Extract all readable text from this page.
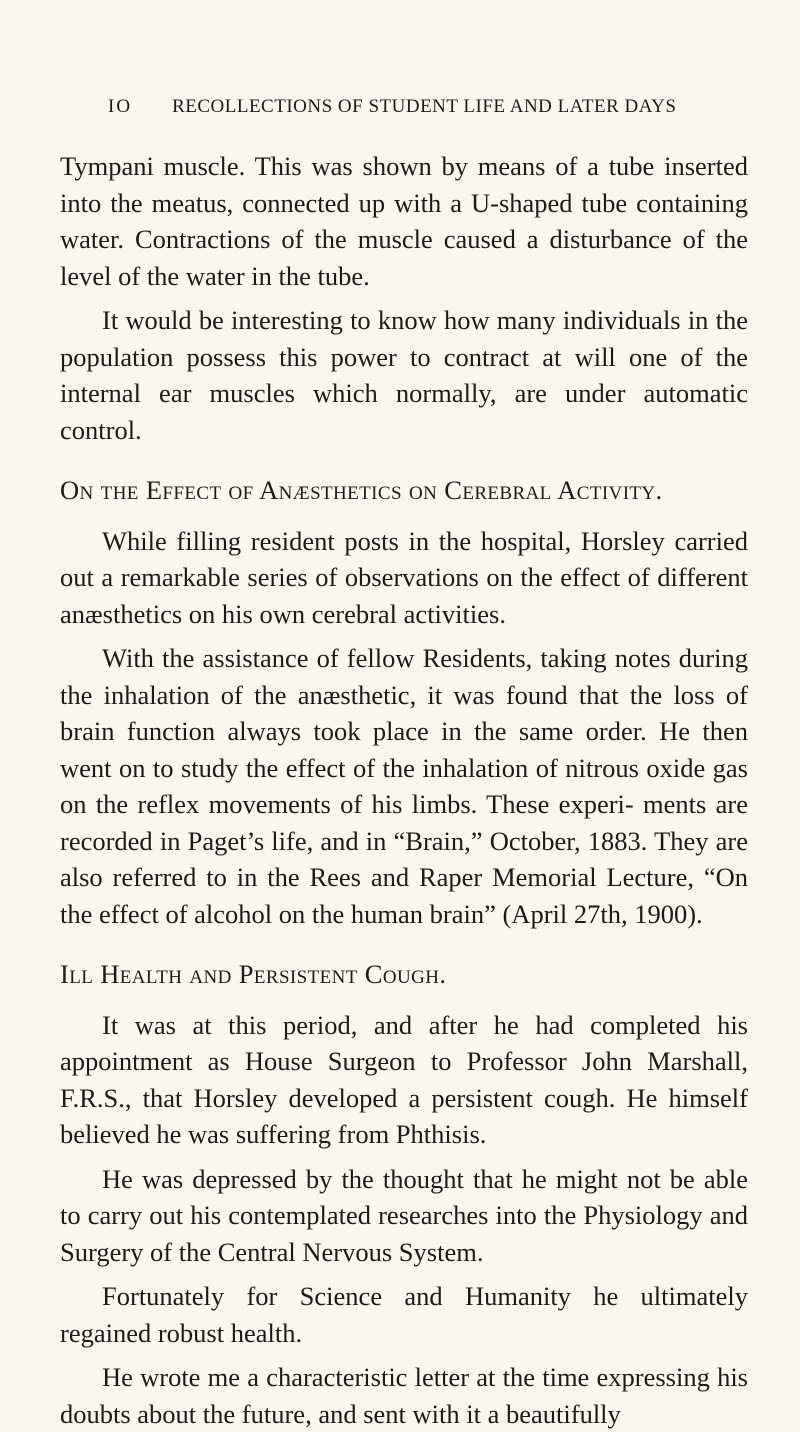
IO RECOLLECTIONS OF STUDENT LIFE AND LATER DAYS

Tympani muscle. This was shown by means of a tube inserted into the meatus, connected up with a U-shaped tube containing water. Contractions of the muscle caused a disturbance of the level of the water in the tube.

It would be interesting to know how many individuals in the population possess this power to contract at will one of the internal ear muscles which normally, are under automatic control.

On the Effect of Anæsthetics on Cerebral Activity.

While filling resident posts in the hospital, Horsley carried out a remarkable series of observations on the effect of different anæsthetics on his own cerebral activities.

With the assistance of fellow Residents, taking notes during the inhalation of the anæsthetic, it was found that the loss of brain function always took place in the same order. He then went on to study the effect of the inhalation of nitrous oxide gas on the reflex movements of his limbs. These experi- ments are recorded in Paget’s life, and in “Brain,” October, 1883. They are also referred to in the Rees and Raper Memorial Lecture, “On the effect of alcohol on the human brain” (April 27th, 1900).

Ill Health and Persistent Cough.

It was at this period, and after he had completed his appointment as House Surgeon to Professor John Marshall, F.R.S., that Horsley developed a persistent cough. He himself believed he was suffering from Phthisis.

He was depressed by the thought that he might not be able to carry out his contemplated researches into the Physiology and Surgery of the Central Nervous System.

Fortunately for Science and Humanity he ultimately regained robust health.

He wrote me a characteristic letter at the time expressing his doubts about the future, and sent with it a beautifully
